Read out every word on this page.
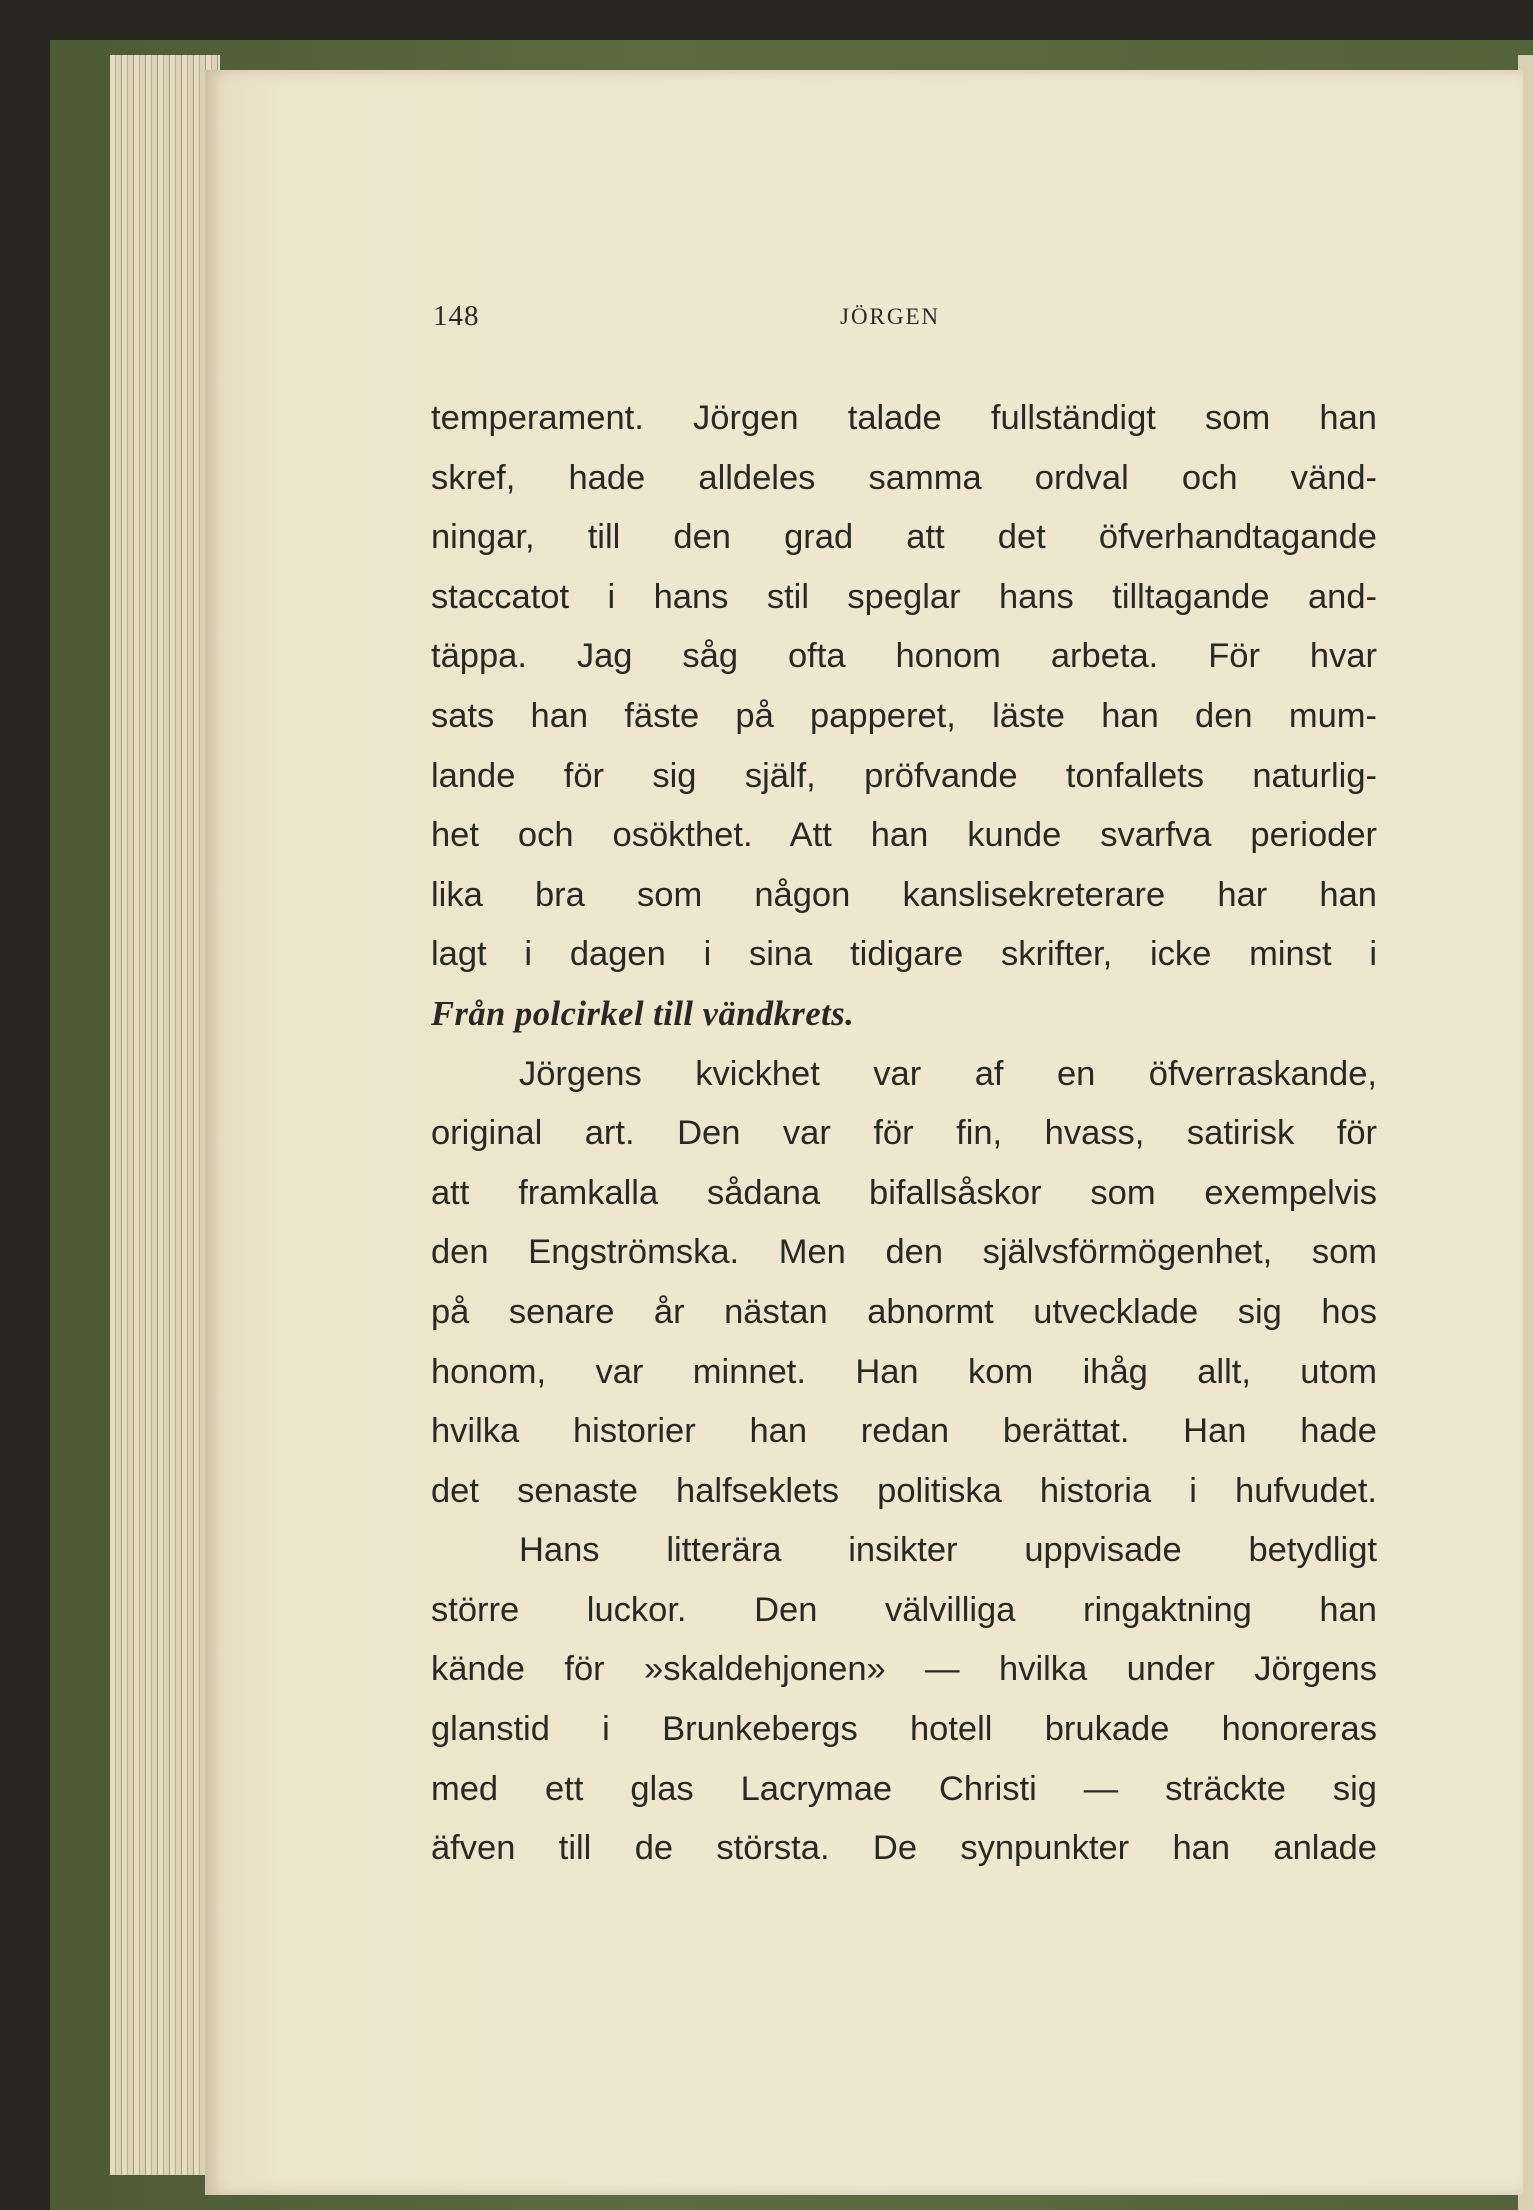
148	JÖRGEN
temperament. Jörgen talade fullständigt som han
skref, hade alldeles samma ordval och vänd-
ningar, till den grad att det öfverhandtagande
staccatot i hans stil speglar hans tilltagande and-
täppa. Jag såg ofta honom arbeta. För hvar
sats han fäste på papperet, läste han den mum-
lande för sig själf, pröfvande tonfallets naturlig-
het och osökthet. Att han kunde svarfva perioder
lika bra som någon kanslisekreterare har han
lagt i dagen i sina tidigare skrifter, icke minst i
Från polcirkel till vändkrets.
Jörgens kvickhet var af en öfverraskande,
original art. Den var för fin, hvass, satirisk för
att framkalla sådana bifallsåskor som exempelvis
den Engströmska. Men den självsförmögenhet, som
på senare år nästan abnormt utvecklade sig hos
honom, var minnet. Han kom ihåg allt, utom
hvilka historier han redan berättat. Han hade
det senaste halfseklets politiska historia i hufvudet.
Hans litterära insikter uppvisade betydligt
större luckor. Den välvilliga ringaktning han
kände för »skaldehjonen» — hvilka under Jörgens
glanstid i Brunkebergs hotell brukade honoreras
med ett glas Lacrymae Christi — sträckte sig
äfven till de största. De synpunkter han anlade
